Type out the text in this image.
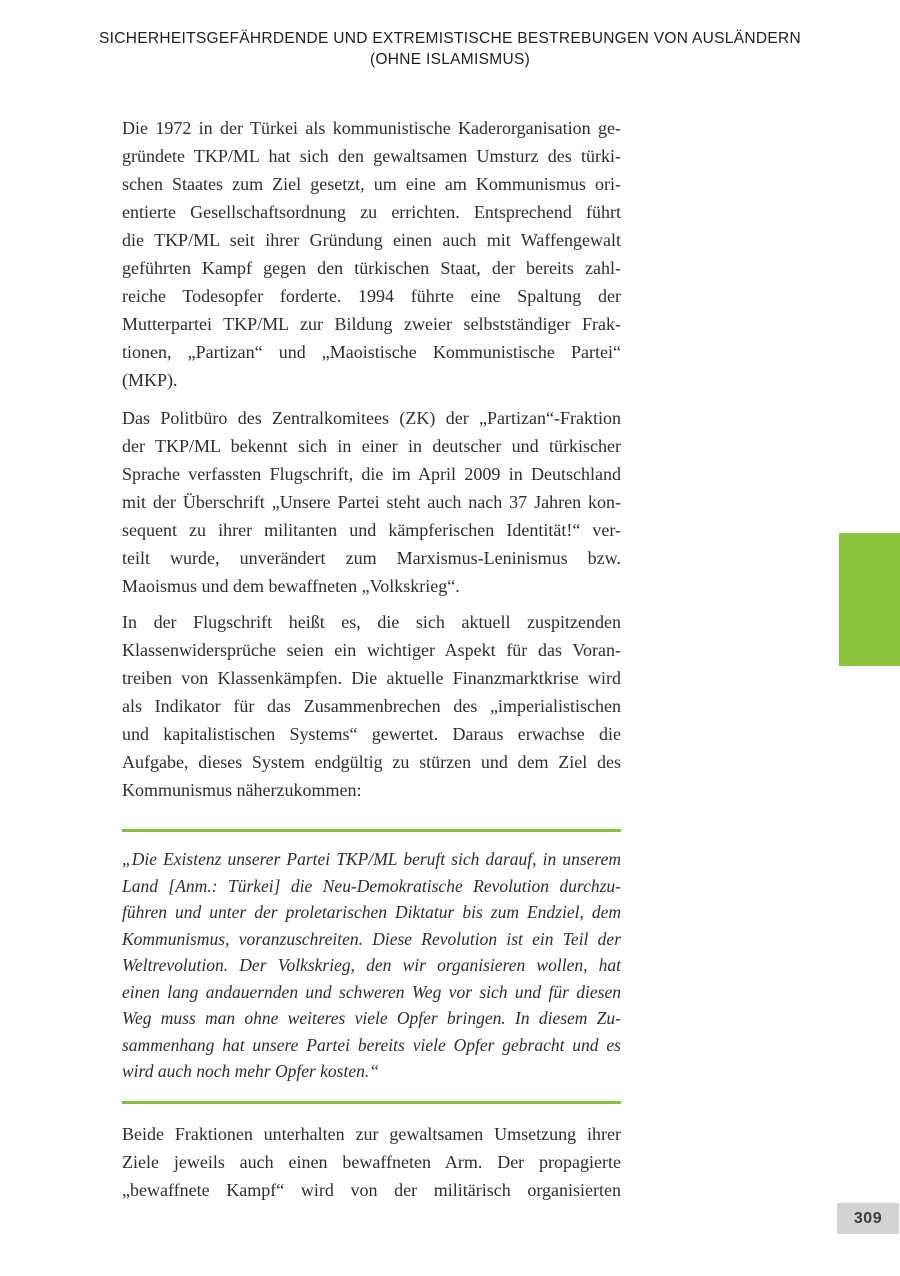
SICHERHEITSGEFÄHRDENDE UND EXTREMISTISCHE BESTREBUNGEN VON AUSLÄNDERN
(OHNE ISLAMISMUS)
Die 1972 in der Türkei als kommunistische Kaderorganisation ge-
gründete TKP/ML hat sich den gewaltsamen Umsturz des türki-
schen Staates zum Ziel gesetzt, um eine am Kommunismus ori-
entierte Gesellschaftsordnung zu errichten. Entsprechend führt
die TKP/ML seit ihrer Gründung einen auch mit Waffengewalt
geführten Kampf gegen den türkischen Staat, der bereits zahl-
reiche Todesopfer forderte. 1994 führte eine Spaltung der
Mutterpartei TKP/ML zur Bildung zweier selbstständiger Frak-
tionen, „Partizan“ und „Maoistische Kommunistische Partei“
(MKP).
Das Politbüro des Zentralkomitees (ZK) der „Partizan“-Fraktion
der TKP/ML bekennt sich in einer in deutscher und türkischer
Sprache verfassten Flugschrift, die im April 2009 in Deutschland
mit der Überschrift „Unsere Partei steht auch nach 37 Jahren kon-
sequent zu ihrer militanten und kämpferischen Identität!“ ver-
teilt wurde, unverändert zum Marxismus-Leninismus bzw.
Maoismus und dem bewaffneten „Volkskrieg“.
In der Flugschrift heißt es, die sich aktuell zuspitzenden
Klassenwidersprüche seien ein wichtiger Aspekt für das Voran-
treiben von Klassenkämpfen. Die aktuelle Finanzmarktkrise wird
als Indikator für das Zusammenbrechen des „imperialistischen
und kapitalistischen Systems“ gewertet. Daraus erwachse die
Aufgabe, dieses System endgültig zu stürzen und dem Ziel des
Kommunismus näherzukommen:
„Die Existenz unserer Partei TKP/ML beruft sich darauf, in unserem
Land [Anm.: Türkei] die Neu-Demokratische Revolution durchzu-
führen und unter der proletarischen Diktatur bis zum Endziel, dem
Kommunismus, voranzuschreiten. Diese Revolution ist ein Teil der
Weltrevolution. Der Volkskrieg, den wir organisieren wollen, hat
einen lang andauernden und schweren Weg vor sich und für diesen
Weg muss man ohne weiteres viele Opfer bringen. In diesem Zu-
sammenhang hat unsere Partei bereits viele Opfer gebracht und es
wird auch noch mehr Opfer kosten.“
Beide Fraktionen unterhalten zur gewaltsamen Umsetzung ihrer
Ziele jeweils auch einen bewaffneten Arm. Der propagierte
„bewaffnete Kampf“ wird von der militärisch organisierten
309
